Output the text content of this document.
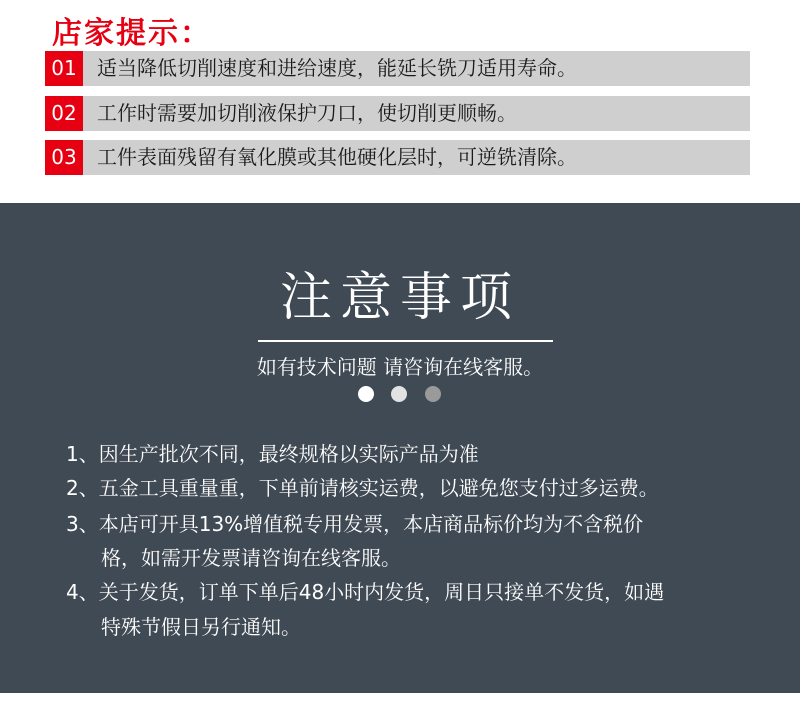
店家提示：
01	适当降低切削速度和进给速度，能延长铣刀适用寿命。
02	工作时需要加切削液保护刀口，使切削更顺畅。
03	工件表面残留有氧化膜或其他硬化层时，可逆铣清除。
注意事项
如有技术问题 请咨询在线客服。
1、因生产批次不同，最终规格以实际产品为准
2、五金工具重量重，下单前请核实运费，以避免您支付过多运费。
3、本店可开具13%增值税专用发票，本店商品标价均为不含税价
格，如需开发票请咨询在线客服。
4、关于发货，订单下单后48小时内发货，周日只接单不发货，如遇
特殊节假日另行通知。
